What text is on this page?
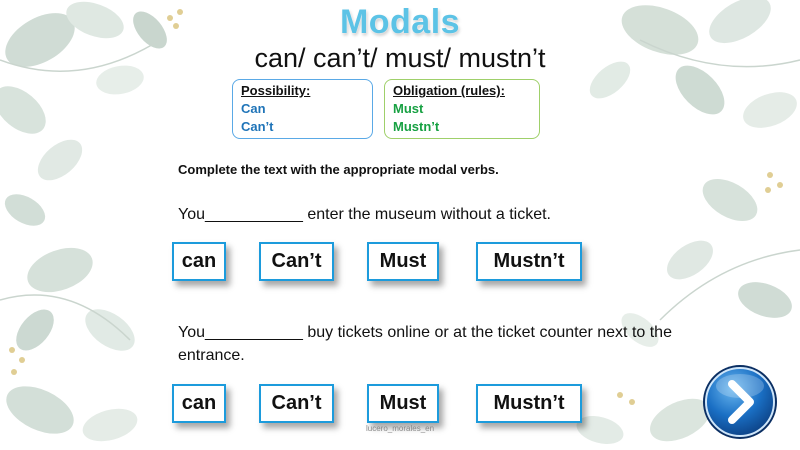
Modals
can/ can’t/ must/ mustn’t
Possibility:
Can
Can’t
Obligation (rules):
Must
Mustn’t
Complete the text with the appropriate modal verbs.
You___________ enter the museum without a ticket.
can	Can’t	Must	Mustn’t
You___________ buy tickets online or at the ticket counter next to the entrance.
can	Can’t	Must	Mustn’t
lucero_morales_en
